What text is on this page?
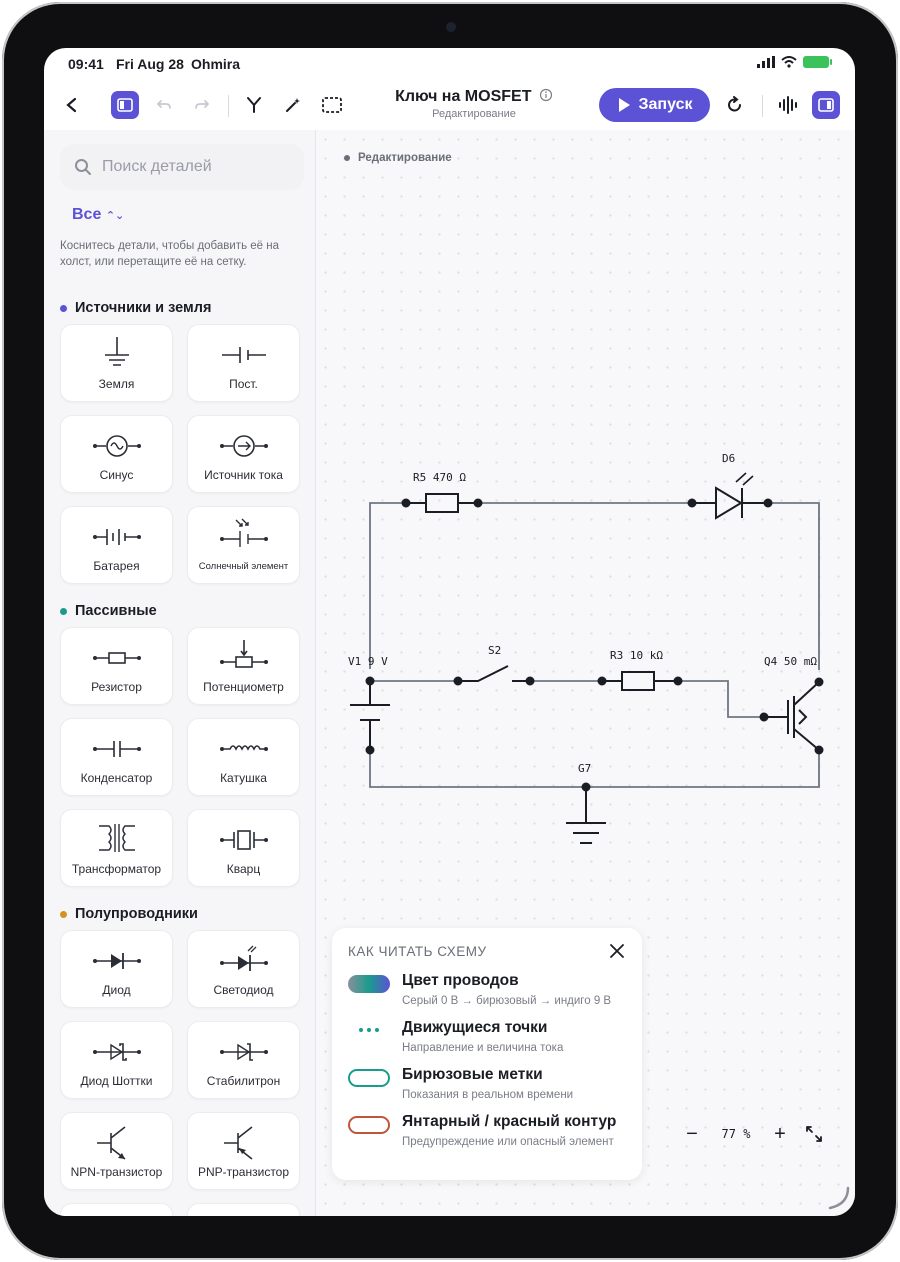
09:41 Fri Aug 28 Ohmira
Ключ на MOSFET
Редактирование
Запуск
Поиск деталей
Все ⌃⌄
Коснитесь детали, чтобы добавить её на холст, или перетащите её на сетку.
Источники и земля
Земля	Пост.
Синус	Источник тока
Батарея	Солнечный элемент
Пассивные
Резистор	Потенциометр
Конденсатор	Катушка
Трансформатор	Кварц
Полупроводники
Диод	Светодиод
Диод Шоттки	Стабилитрон
NPN-транзистор	PNP-транзистор
Редактирование
R5 470 Ω
D6
V1 9 V
S2	R3 10 kΩ	Q4 50 mΩ
G7
КАК ЧИТАТЬ СХЕМУ
Цвет проводов
Серый 0 В → бирюзовый → индиго 9 В
Движущиеся точки
Направление и величина тока
Бирюзовые метки
Показания в реальном времени
Янтарный / красный контур
Предупреждение или опасный элемент	−	77 %	+
